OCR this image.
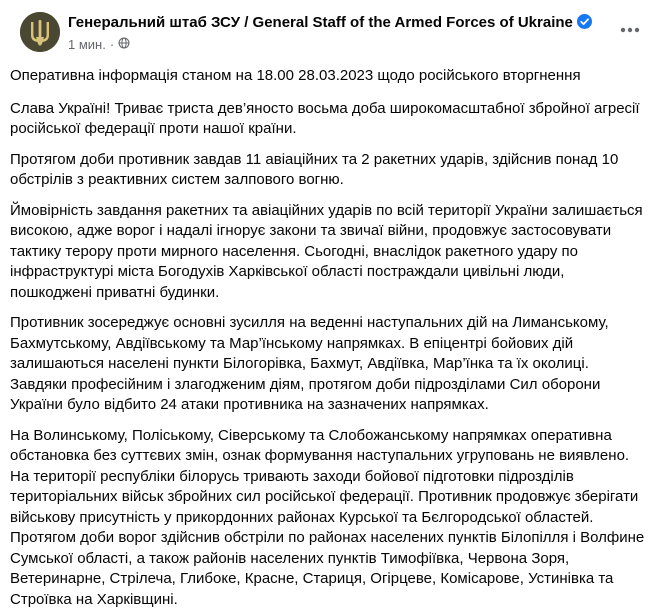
Генеральний штаб ЗСУ / General Staff of the Armed Forces of Ukraine
1 мин. ·

Оперативна інформація станом на 18.00 28.03.2023 щодо російського вторгнення

Слава Україні! Триває триста дев’яносто восьма доба широкомасштабної збройної агресії російської федерації проти нашої країни.

Протягом доби противник завдав 11 авіаційних та 2 ракетних ударів, здійснив понад 10 обстрілів з реактивних систем залпового вогню.

Ймовірність завдання ракетних та авіаційних ударів по всій території України залишається високою, адже ворог і надалі ігнорує закони та звичаї війни, продовжує застосовувати тактику терору проти мирного населення. Сьогодні, внаслідок ракетного удару по інфраструктурі міста Богодухів Харківської області постраждали цивільні люди, пошкоджені приватні будинки.

Противник зосереджує основні зусилля на веденні наступальних дій на Лиманському, Бахмутському, Авдіївському та Мар’їнському напрямках. В епіцентрі бойових дій залишаються населені пункти Білогорівка, Бахмут, Авдіївка, Мар’їнка та їх околиці. Завдяки професійним і злагодженим діям, протягом доби підрозділами Сил оборони України було відбито 24 атаки противника на зазначених напрямках.

На Волинському, Поліському, Сіверському та Слобожанському напрямках оперативна обстановка без суттєвих змін, ознак формування наступальних угруповань не виявлено. На території республіки білорусь тривають заходи бойової підготовки підрозділів територіальних військ збройних сил російської федерації. Противник продовжує зберігати військову присутність у прикордонних районах Курської та Бєлгородської областей. Протягом доби ворог здійснив обстріли по районах населених пунктів Білопілля і Волфине Сумської області, а також районів населених пунктів Тимофіївка, Червона Зоря, Ветеринарне, Стрілеча, Глибоке, Красне, Стариця, Огірцеве, Комісарове, Устинівка та Строївка на Харківщині.
